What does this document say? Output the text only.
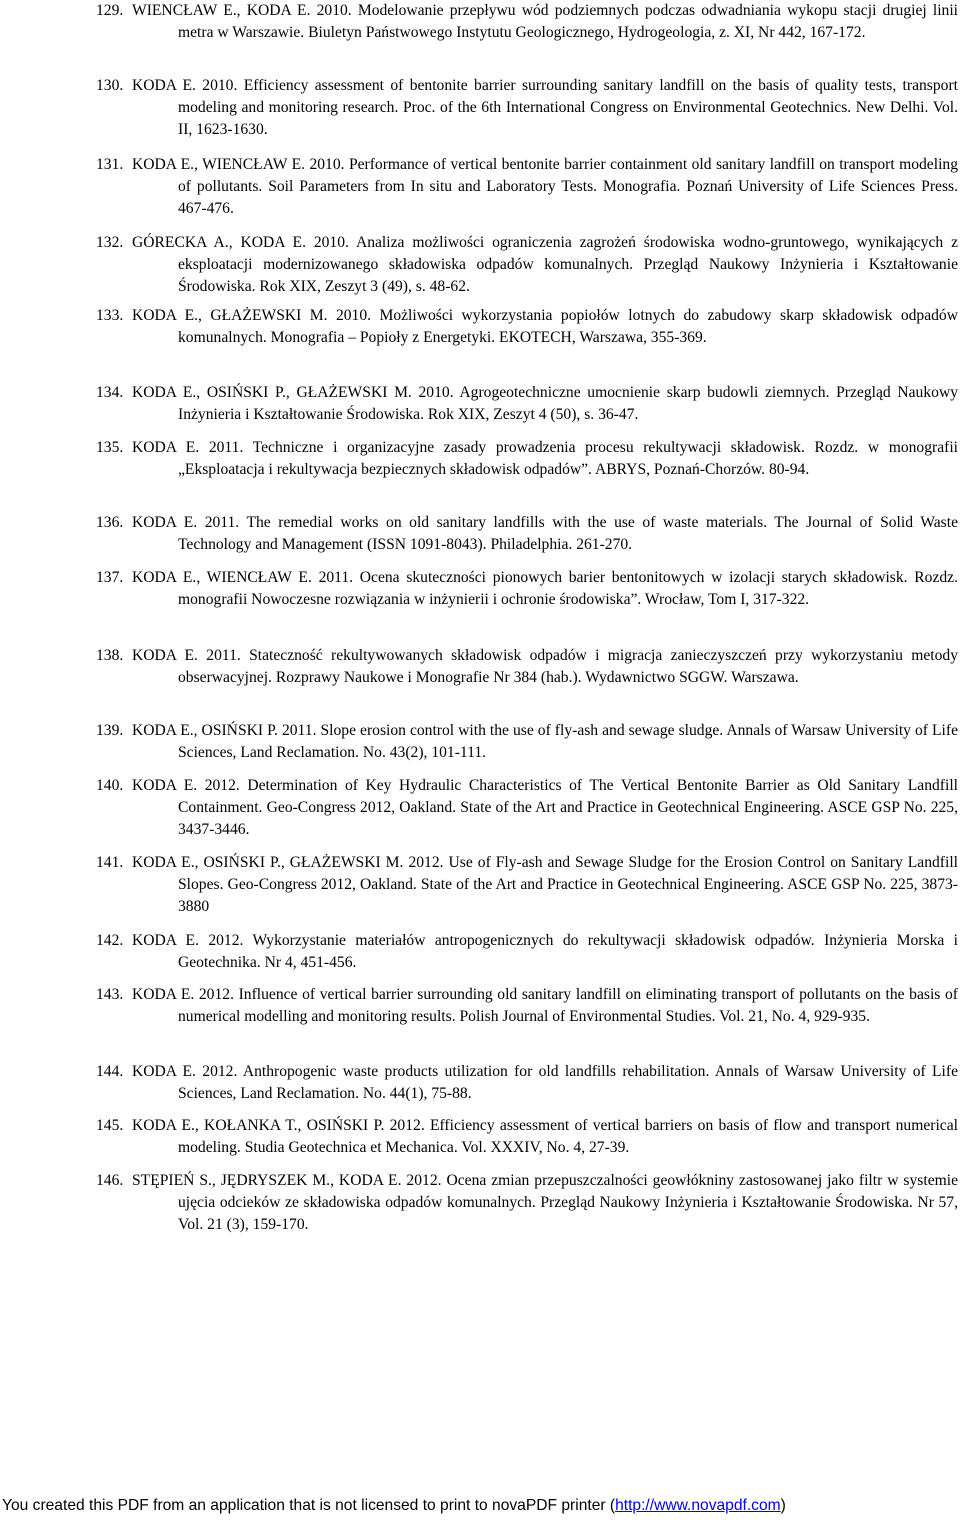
129. WIENCŁAW E., KODA E. 2010. Modelowanie przepływu wód podziemnych podczas odwadniania wykopu stacji drugiej linii metra w Warszawie. Biuletyn Państwowego Instytutu Geologicznego, Hydrogeologia, z. XI, Nr 442, 167-172.

130. KODA E. 2010. Efficiency assessment of bentonite barrier surrounding sanitary landfill on the basis of quality tests, transport modeling and monitoring research. Proc. of the 6th International Congress on Environmental Geotechnics. New Delhi. Vol. II, 1623-1630.

131. KODA E., WIENCŁAW E. 2010. Performance of vertical bentonite barrier containment old sanitary landfill on transport modeling of pollutants. Soil Parameters from In situ and Laboratory Tests. Monografia. Poznań University of Life Sciences Press. 467-476.

132. GÓRECKA A., KODA E. 2010. Analiza możliwości ograniczenia zagrożeń środowiska wodno-gruntowego, wynikających z eksploatacji modernizowanego składowiska odpadów komunalnych. Przegląd Naukowy Inżynieria i Kształtowanie Środowiska. Rok XIX, Zeszyt 3 (49), s. 48-62.

133. KODA E., GŁAŻEWSKI M. 2010. Możliwości wykorzystania popiołów lotnych do zabudowy skarp składowisk odpadów komunalnych. Monografia – Popioły z Energetyki. EKOTECH, Warszawa, 355-369.

134. KODA E., OSIŃSKI P., GŁAŻEWSKI M. 2010. Agrogeotechniczne umocnienie skarp budowli ziemnych. Przegląd Naukowy Inżynieria i Kształtowanie Środowiska. Rok XIX, Zeszyt 4 (50), s. 36-47.

135. KODA E. 2011. Techniczne i organizacyjne zasady prowadzenia procesu rekultywacji składowisk. Rozdz. w monografii „Eksploatacja i rekultywacja bezpiecznych składowisk odpadów”. ABRYS, Poznań-Chorzów. 80-94.

136. KODA E. 2011. The remedial works on old sanitary landfills with the use of waste materials. The Journal of Solid Waste Technology and Management (ISSN 1091-8043). Philadelphia. 261-270.

137. KODA E., WIENCŁAW E. 2011. Ocena skuteczności pionowych barier bentonitowych w izolacji starych składowisk. Rozdz. monografii Nowoczesne rozwiązania w inżynierii i ochronie środowiska”. Wrocław, Tom I, 317-322.

138. KODA E. 2011. Stateczność rekultywowanych składowisk odpadów i migracja zanieczyszczeń przy wykorzystaniu metody obserwacyjnej. Rozprawy Naukowe i Monografie Nr 384 (hab.). Wydawnictwo SGGW. Warszawa.

139. KODA E., OSIŃSKI P. 2011. Slope erosion control with the use of fly-ash and sewage sludge. Annals of Warsaw University of Life Sciences, Land Reclamation. No. 43(2), 101-111.

140. KODA E. 2012. Determination of Key Hydraulic Characteristics of The Vertical Bentonite Barrier as Old Sanitary Landfill Containment. Geo-Congress 2012, Oakland. State of the Art and Practice in Geotechnical Engineering. ASCE GSP No. 225, 3437-3446.

141. KODA E., OSIŃSKI P., GŁAŻEWSKI M. 2012. Use of Fly-ash and Sewage Sludge for the Erosion Control on Sanitary Landfill Slopes. Geo-Congress 2012, Oakland. State of the Art and Practice in Geotechnical Engineering. ASCE GSP No. 225, 3873-3880

142. KODA E. 2012. Wykorzystanie materiałów antropogenicznych do rekultywacji składowisk odpadów. Inżynieria Morska i Geotechnika. Nr 4, 451-456.

143. KODA E. 2012. Influence of vertical barrier surrounding old sanitary landfill on eliminating transport of pollutants on the basis of numerical modelling and monitoring results. Polish Journal of Environmental Studies. Vol. 21, No. 4, 929-935.

144. KODA E. 2012. Anthropogenic waste products utilization for old landfills rehabilitation. Annals of Warsaw University of Life Sciences, Land Reclamation. No. 44(1), 75-88.

145. KODA E., KOŁANKA T., OSIŃSKI P. 2012. Efficiency assessment of vertical barriers on basis of flow and transport numerical modeling. Studia Geotechnica et Mechanica. Vol. XXXIV, No. 4, 27-39.

146. STĘPIEŃ S., JĘDRYSZEK M., KODA E. 2012. Ocena zmian przepuszczalności geowłókniny zastosowanej jako filtr w systemie ujęcia odcieków ze składowiska odpadów komunalnych. Przegląd Naukowy Inżynieria i Kształtowanie Środowiska. Nr 57, Vol. 21 (3), 159-170.

You created this PDF from an application that is not licensed to print to novaPDF printer (http://www.novapdf.com)
